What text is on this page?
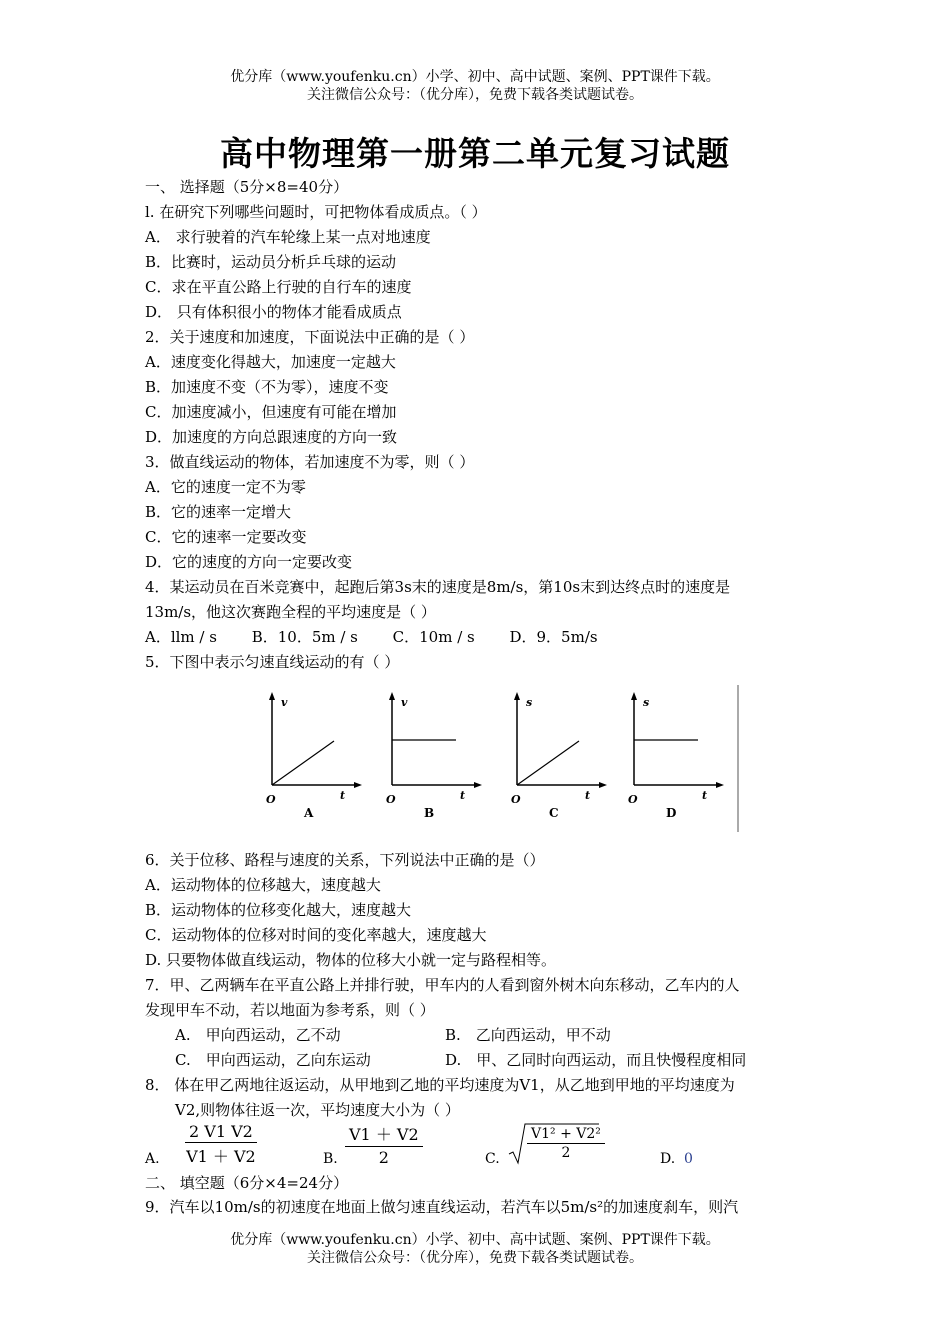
优分库（www.youfenku.cn）小学、初中、高中试题、案例、PPT课件下载。
关注微信公众号：（优分库），免费下载各类试题试卷。
高中物理第一册第二单元复习试题
一、 选择题（5分×8=40分）
l. 在研究下列哪些问题时，可把物体看成质点。（ ）
A． 求行驶着的汽车轮缘上某一点对地速度
B．比赛时，运动员分析乒乓球的运动
C．求在平直公路上行驶的自行车的速度
D． 只有体积很小的物体才能看成质点
2．关于速度和加速度，下面说法中正确的是（ ）
A．速度变化得越大，加速度一定越大
B．加速度不变（不为零），速度不变
C．加速度减小，但速度有可能在增加
D．加速度的方向总跟速度的方向一致
3．做直线运动的物体，若加速度不为零，则（ ）
A．它的速度一定不为零
B．它的速率一定增大
C．它的速率一定要改变
D．它的速度的方向一定要改变
4．某运动员在百米竞赛中，起跑后第3s末的速度是8m/s，第10s末到达终点时的速度是
13m/s，他这次赛跑全程的平均速度是（ ）
A．llm / s　　 B．10．5m / s　　 C．10m / s　　 D．9．5m/s
5．下图中表示匀速直线运动的有（ ）
v
t
O
A
v
t
O
B
s
t
O
C
s
t
O
D
6．关于位移、路程与速度的关系，下列说法中正确的是（）
A．运动物体的位移越大，速度越大
B．运动物体的位移变化越大，速度越大
C．运动物体的位移对时间的变化率越大，速度越大
D. 只要物体做直线运动，物体的位移大小就一定与路程相等。
7．甲、乙两辆车在平直公路上并排行驶，甲车内的人看到窗外树木向东移动，乙车内的人
发现甲车不动，若以地面为参考系，则（ ）
A.　甲向西运动，乙不动	B.　乙向西运动，甲不动
C.　甲向西运动，乙向东运动	D.　甲、乙同时向西运动，而且快慢程度相同
8． 体在甲乙两地往返运动，从甲地到乙地的平均速度为V1，从乙地到甲地的平均速度为
V2,则物体往返一次，平均速度大小为（ ）
A. $\frac{2 V1 V2}{V1 + V2}$	B. $\frac{V1 + V2}{2}$	C. $\frac{\text{V1² + V2²}}{2}$	D. 0
二、 填空题（6分×4=24分）
9．汽车以10m/s的初速度在地面上做匀速直线运动，若汽车以5m/s²的加速度刹车，则汽
优分库（www.youfenku.cn）小学、初中、高中试题、案例、PPT课件下载。
关注微信公众号：（优分库），免费下载各类试题试卷。
